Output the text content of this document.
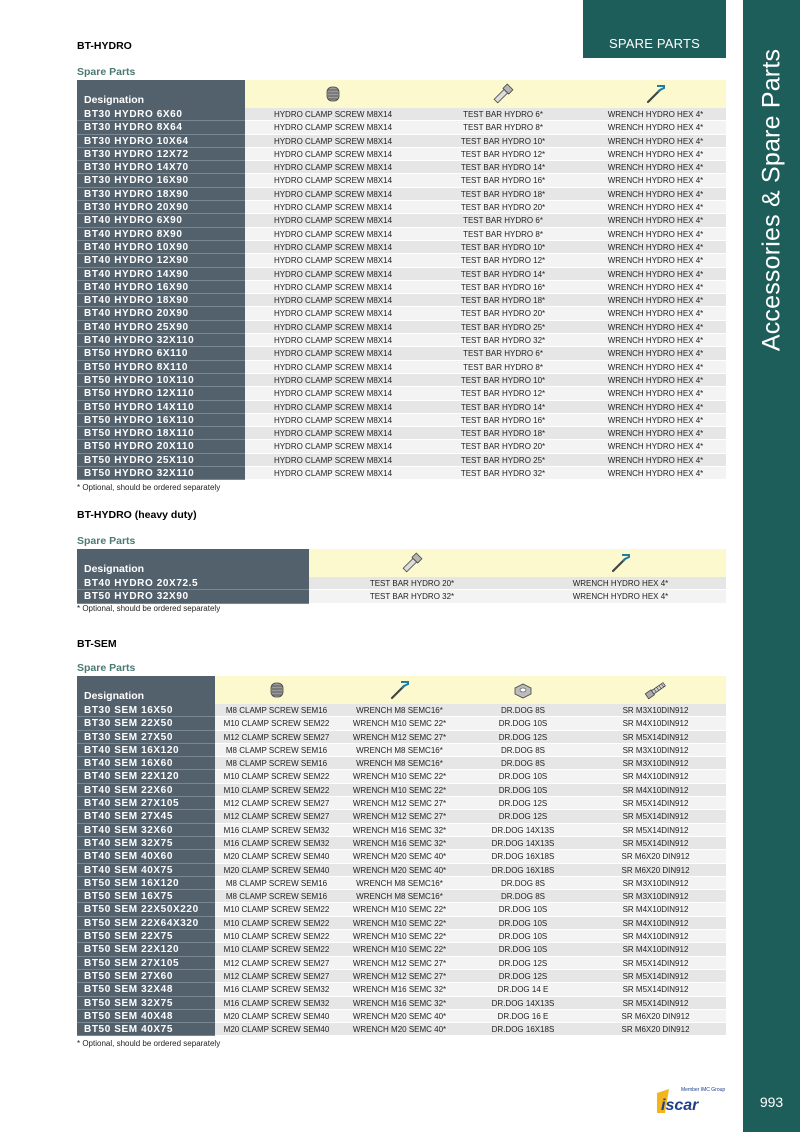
Accessories & Spare Parts
993
SPARE PARTS
BT-HYDRO
Spare Parts
Designation
BT30 HYDRO 6X60	HYDRO CLAMP SCREW M8X14	TEST BAR HYDRO 6*	WRENCH HYDRO HEX 4*
BT30 HYDRO 8X64	HYDRO CLAMP SCREW M8X14	TEST BAR HYDRO 8*	WRENCH HYDRO HEX 4*
BT30 HYDRO 10X64	HYDRO CLAMP SCREW M8X14	TEST BAR HYDRO 10*	WRENCH HYDRO HEX 4*
BT30 HYDRO 12X72	HYDRO CLAMP SCREW M8X14	TEST BAR HYDRO 12*	WRENCH HYDRO HEX 4*
BT30 HYDRO 14X70	HYDRO CLAMP SCREW M8X14	TEST BAR HYDRO 14*	WRENCH HYDRO HEX 4*
BT30 HYDRO 16X90	HYDRO CLAMP SCREW M8X14	TEST BAR HYDRO 16*	WRENCH HYDRO HEX 4*
BT30 HYDRO 18X90	HYDRO CLAMP SCREW M8X14	TEST BAR HYDRO 18*	WRENCH HYDRO HEX 4*
BT30 HYDRO 20X90	HYDRO CLAMP SCREW M8X14	TEST BAR HYDRO 20*	WRENCH HYDRO HEX 4*
BT40 HYDRO 6X90	HYDRO CLAMP SCREW M8X14	TEST BAR HYDRO 6*	WRENCH HYDRO HEX 4*
BT40 HYDRO 8X90	HYDRO CLAMP SCREW M8X14	TEST BAR HYDRO 8*	WRENCH HYDRO HEX 4*
BT40 HYDRO 10X90	HYDRO CLAMP SCREW M8X14	TEST BAR HYDRO 10*	WRENCH HYDRO HEX 4*
BT40 HYDRO 12X90	HYDRO CLAMP SCREW M8X14	TEST BAR HYDRO 12*	WRENCH HYDRO HEX 4*
BT40 HYDRO 14X90	HYDRO CLAMP SCREW M8X14	TEST BAR HYDRO 14*	WRENCH HYDRO HEX 4*
BT40 HYDRO 16X90	HYDRO CLAMP SCREW M8X14	TEST BAR HYDRO 16*	WRENCH HYDRO HEX 4*
BT40 HYDRO 18X90	HYDRO CLAMP SCREW M8X14	TEST BAR HYDRO 18*	WRENCH HYDRO HEX 4*
BT40 HYDRO 20X90	HYDRO CLAMP SCREW M8X14	TEST BAR HYDRO 20*	WRENCH HYDRO HEX 4*
BT40 HYDRO 25X90	HYDRO CLAMP SCREW M8X14	TEST BAR HYDRO 25*	WRENCH HYDRO HEX 4*
BT40 HYDRO 32X110	HYDRO CLAMP SCREW M8X14	TEST BAR HYDRO 32*	WRENCH HYDRO HEX 4*
BT50 HYDRO 6X110	HYDRO CLAMP SCREW M8X14	TEST BAR HYDRO 6*	WRENCH HYDRO HEX 4*
BT50 HYDRO 8X110	HYDRO CLAMP SCREW M8X14	TEST BAR HYDRO 8*	WRENCH HYDRO HEX 4*
BT50 HYDRO 10X110	HYDRO CLAMP SCREW M8X14	TEST BAR HYDRO 10*	WRENCH HYDRO HEX 4*
BT50 HYDRO 12X110	HYDRO CLAMP SCREW M8X14	TEST BAR HYDRO 12*	WRENCH HYDRO HEX 4*
BT50 HYDRO 14X110	HYDRO CLAMP SCREW M8X14	TEST BAR HYDRO 14*	WRENCH HYDRO HEX 4*
BT50 HYDRO 16X110	HYDRO CLAMP SCREW M8X14	TEST BAR HYDRO 16*	WRENCH HYDRO HEX 4*
BT50 HYDRO 18X110	HYDRO CLAMP SCREW M8X14	TEST BAR HYDRO 18*	WRENCH HYDRO HEX 4*
BT50 HYDRO 20X110	HYDRO CLAMP SCREW M8X14	TEST BAR HYDRO 20*	WRENCH HYDRO HEX 4*
BT50 HYDRO 25X110	HYDRO CLAMP SCREW M8X14	TEST BAR HYDRO 25*	WRENCH HYDRO HEX 4*
BT50 HYDRO 32X110	HYDRO CLAMP SCREW M8X14	TEST BAR HYDRO 32*	WRENCH HYDRO HEX 4*
* Optional, should be ordered separately
BT-HYDRO (heavy duty)
Spare Parts
Designation
BT40 HYDRO 20X72.5	TEST BAR HYDRO 20*	WRENCH HYDRO HEX 4*
BT50 HYDRO 32X90	TEST BAR HYDRO 32*	WRENCH HYDRO HEX 4*
* Optional, should be ordered separately
BT-SEM
Spare Parts
Designation
BT30 SEM 16X50	M8 CLAMP SCREW SEM16	WRENCH M8 SEMC16*	DR.DOG 8S	SR M3X10DIN912
BT30 SEM 22X50	M10 CLAMP SCREW SEM22	WRENCH M10 SEMC 22*	DR.DOG 10S	SR M4X10DIN912
BT30 SEM 27X50	M12 CLAMP SCREW SEM27	WRENCH M12 SEMC 27*	DR.DOG 12S	SR M5X14DIN912
BT40 SEM 16X120	M8 CLAMP SCREW SEM16	WRENCH M8 SEMC16*	DR.DOG 8S	SR M3X10DIN912
BT40 SEM 16X60	M8 CLAMP SCREW SEM16	WRENCH M8 SEMC16*	DR.DOG 8S	SR M3X10DIN912
BT40 SEM 22X120	M10 CLAMP SCREW SEM22	WRENCH M10 SEMC 22*	DR.DOG 10S	SR M4X10DIN912
BT40 SEM 22X60	M10 CLAMP SCREW SEM22	WRENCH M10 SEMC 22*	DR.DOG 10S	SR M4X10DIN912
BT40 SEM 27X105	M12 CLAMP SCREW SEM27	WRENCH M12 SEMC 27*	DR.DOG 12S	SR M5X14DIN912
BT40 SEM 27X45	M12 CLAMP SCREW SEM27	WRENCH M12 SEMC 27*	DR.DOG 12S	SR M5X14DIN912
BT40 SEM 32X60	M16 CLAMP SCREW SEM32	WRENCH M16 SEMC 32*	DR.DOG 14X13S	SR M5X14DIN912
BT40 SEM 32X75	M16 CLAMP SCREW SEM32	WRENCH M16 SEMC 32*	DR.DOG 14X13S	SR M5X14DIN912
BT40 SEM 40X60	M20 CLAMP SCREW SEM40	WRENCH M20 SEMC 40*	DR.DOG 16X18S	SR M6X20 DIN912
BT40 SEM 40X75	M20 CLAMP SCREW SEM40	WRENCH M20 SEMC 40*	DR.DOG 16X18S	SR M6X20 DIN912
BT50 SEM 16X120	M8 CLAMP SCREW SEM16	WRENCH M8 SEMC16*	DR.DOG 8S	SR M3X10DIN912
BT50 SEM 16X75	M8 CLAMP SCREW SEM16	WRENCH M8 SEMC16*	DR.DOG 8S	SR M3X10DIN912
BT50 SEM 22X50X220	M10 CLAMP SCREW SEM22	WRENCH M10 SEMC 22*	DR.DOG 10S	SR M4X10DIN912
BT50 SEM 22X64X320	M10 CLAMP SCREW SEM22	WRENCH M10 SEMC 22*	DR.DOG 10S	SR M4X10DIN912
BT50 SEM 22X75	M10 CLAMP SCREW SEM22	WRENCH M10 SEMC 22*	DR.DOG 10S	SR M4X10DIN912
BT50 SEM 22X120	M10 CLAMP SCREW SEM22	WRENCH M10 SEMC 22*	DR.DOG 10S	SR M4X10DIN912
BT50 SEM 27X105	M12 CLAMP SCREW SEM27	WRENCH M12 SEMC 27*	DR.DOG 12S	SR M5X14DIN912
BT50 SEM 27X60	M12 CLAMP SCREW SEM27	WRENCH M12 SEMC 27*	DR.DOG 12S	SR M5X14DIN912
BT50 SEM 32X48	M16 CLAMP SCREW SEM32	WRENCH M16 SEMC 32*	DR.DOG 14 E	SR M5X14DIN912
BT50 SEM 32X75	M16 CLAMP SCREW SEM32	WRENCH M16 SEMC 32*	DR.DOG 14X13S	SR M5X14DIN912
BT50 SEM 40X48	M20 CLAMP SCREW SEM40	WRENCH M20 SEMC 40*	DR.DOG 16 E	SR M6X20 DIN912
BT50 SEM 40X75	M20 CLAMP SCREW SEM40	WRENCH M20 SEMC 40*	DR.DOG 16X18S	SR M6X20 DIN912
* Optional, should be ordered separately
Member IMC Group
iscar
